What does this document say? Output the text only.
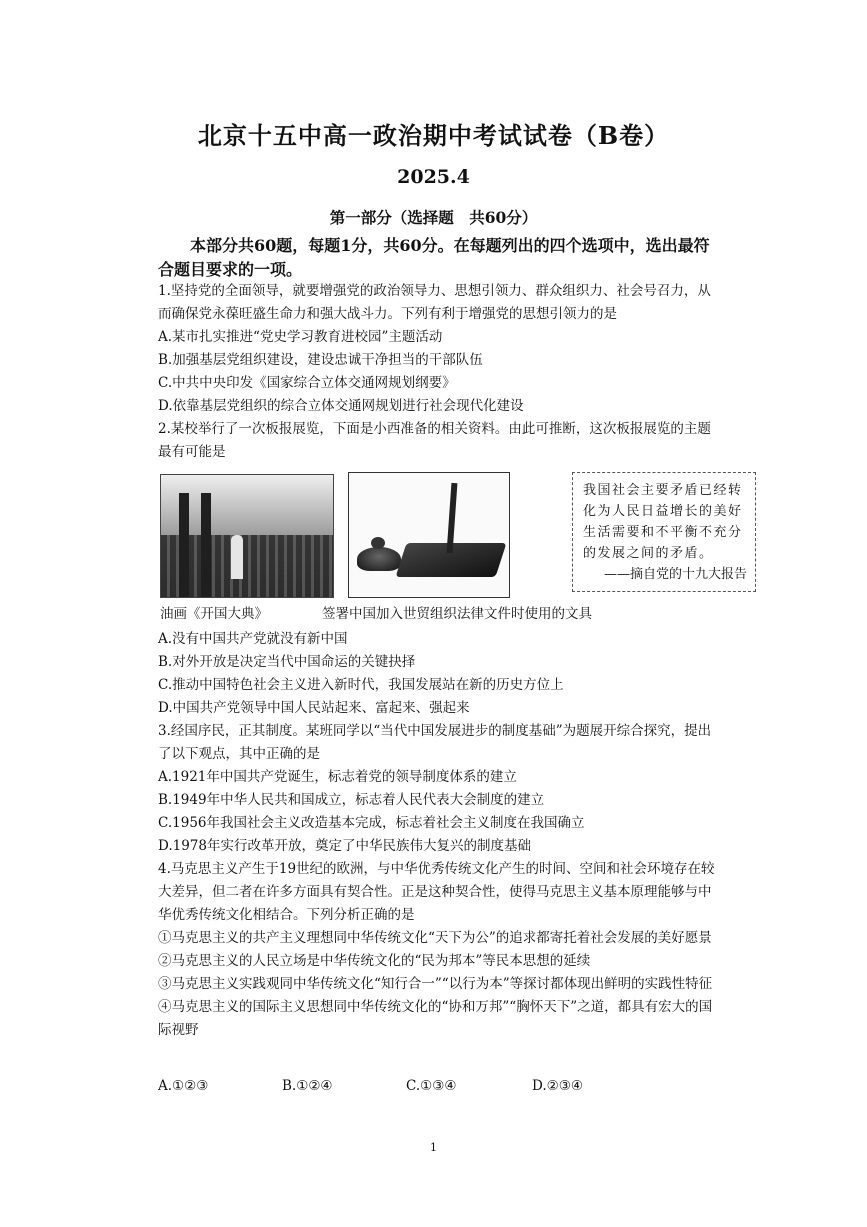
北京十五中高一政治期中考试试卷（B卷）
2025.4
第一部分（选择题　共60分）
本部分共60题，每题1分，共60分。在每题列出的四个选项中，选出最符合题目要求的一项。

1.坚持党的全面领导，就要增强党的政治领导力、思想引领力、群众组织力、社会号召力，从而确保党永葆旺盛生命力和强大战斗力。下列有利于增强党的思想引领力的是

A.某市扎实推进“党史学习教育进校园”主题活动

B.加强基层党组织建设，建设忠诚干净担当的干部队伍

C.中共中央印发《国家综合立体交通网规划纲要》

D.依靠基层党组织的综合立体交通网规划进行社会现代化建设

2.某校举行了一次板报展览，下面是小西准备的相关资料。由此可推断，这次板报展览的主题最有可能是

我国社会主要矛盾已经转
化为人民日益增长的美好
生活需要和不平衡不充分
的发展之间的矛盾。
——摘自党的十九大报告
油画《开国大典》	签署中国加入世贸组织法律文件时使用的文具

A.没有中国共产党就没有新中国

B.对外开放是决定当代中国命运的关键抉择

C.推动中国特色社会主义进入新时代，我国发展站在新的历史方位上

D.中国共产党领导中国人民站起来、富起来、强起来

3.经国序民，正其制度。某班同学以“当代中国发展进步的制度基础”为题展开综合探究，提出了以下观点，其中正确的是

A.1921年中国共产党诞生，标志着党的领导制度体系的建立

B.1949年中华人民共和国成立，标志着人民代表大会制度的建立

C.1956年我国社会主义改造基本完成，标志着社会主义制度在我国确立

D.1978年实行改革开放，奠定了中华民族伟大复兴的制度基础

4.马克思主义产生于19世纪的欧洲，与中华优秀传统文化产生的时间、空间和社会环境存在较大差异，但二者在许多方面具有契合性。正是这种契合性，使得马克思主义基本原理能够与中华优秀传统文化相结合。下列分析正确的是

①马克思主义的共产主义理想同中华传统文化“天下为公”的追求都寄托着社会发展的美好愿景

②马克思主义的人民立场是中华传统文化的“民为邦本”等民本思想的延续

③马克思主义实践观同中华传统文化“知行合一”“以行为本”等探讨都体现出鲜明的实践性特征

④马克思主义的国际主义思想同中华传统文化的“协和万邦”“胸怀天下”之道，都具有宏大的国际视野

A.①②③	B.①②④	C.①③④	D.②③④
1
